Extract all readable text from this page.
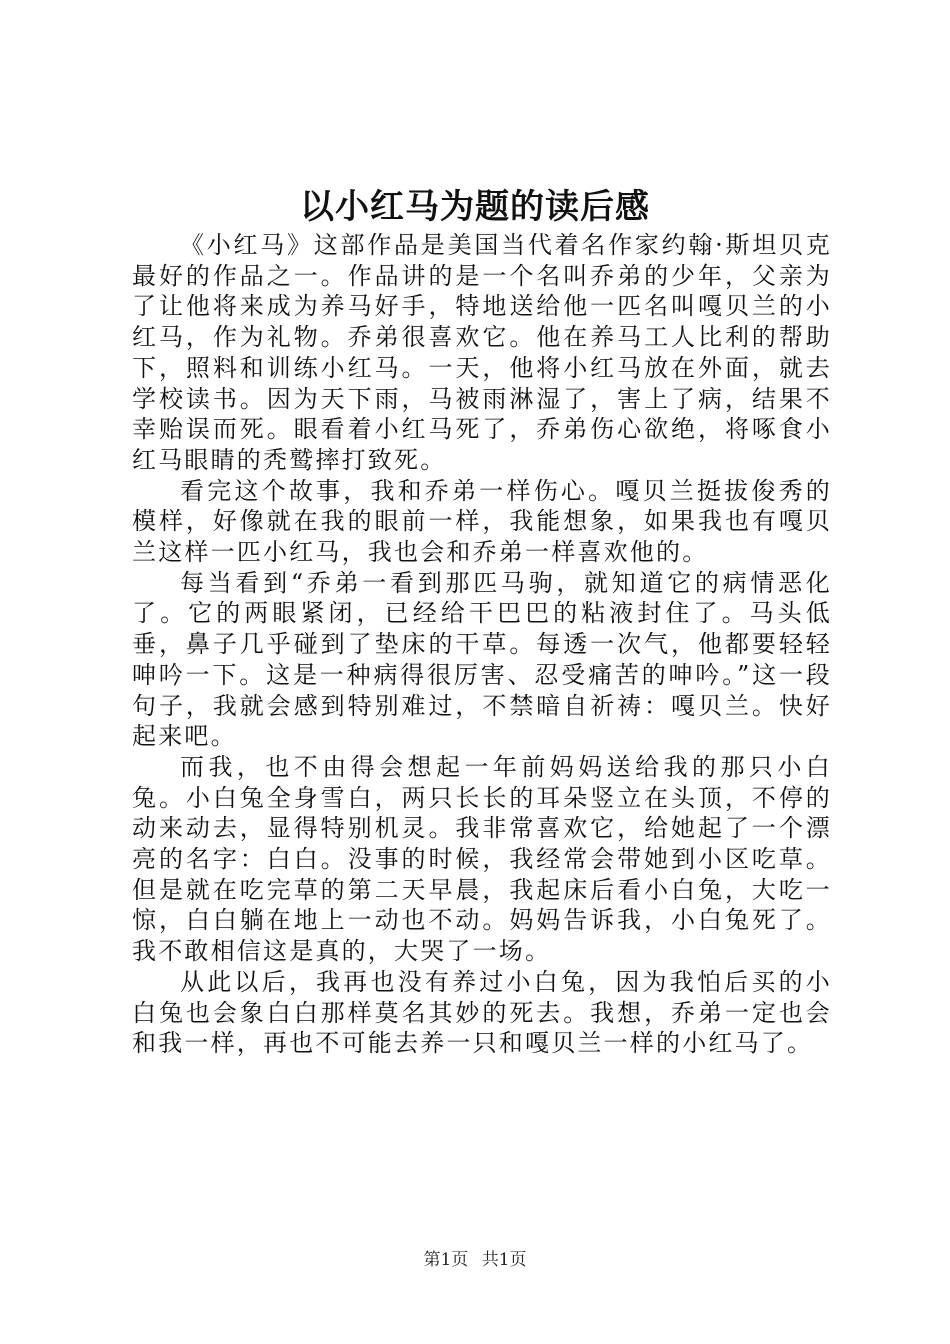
以小红马为题的读后感

《小红马》这部作品是美国当代着名作家约翰·斯坦贝克最好的作品之一。作品讲的是一个名叫乔弟的少年，父亲为了让他将来成为养马好手，特地送给他一匹名叫嘎贝兰的小红马，作为礼物。乔弟很喜欢它。他在养马工人比利的帮助下，照料和训练小红马。一天，他将小红马放在外面，就去学校读书。因为天下雨，马被雨淋湿了，害上了病，结果不幸贻误而死。眼看着小红马死了，乔弟伤心欲绝，将啄食小红马眼睛的秃鹫摔打致死。

看完这个故事，我和乔弟一样伤心。嘎贝兰挺拔俊秀的模样，好像就在我的眼前一样，我能想象，如果我也有嘎贝兰这样一匹小红马，我也会和乔弟一样喜欢他的。

每当看到“乔弟一看到那匹马驹，就知道它的病情恶化了。它的两眼紧闭，已经给干巴巴的粘液封住了。马头低垂，鼻子几乎碰到了垫床的干草。每透一次气，他都要轻轻呻吟一下。这是一种病得很厉害、忍受痛苦的呻吟。”这一段句子，我就会感到特别难过，不禁暗自祈祷：嘎贝兰。快好起来吧。

而我，也不由得会想起一年前妈妈送给我的那只小白兔。小白兔全身雪白，两只长长的耳朵竖立在头顶，不停的动来动去，显得特别机灵。我非常喜欢它，给她起了一个漂亮的名字：白白。没事的时候，我经常会带她到小区吃草。但是就在吃完草的第二天早晨，我起床后看小白兔，大吃一惊，白白躺在地上一动也不动。妈妈告诉我，小白兔死了。我不敢相信这是真的，大哭了一场。

从此以后，我再也没有养过小白兔，因为我怕后买的小白兔也会象白白那样莫名其妙的死去。我想，乔弟一定也会和我一样，再也不可能去养一只和嘎贝兰一样的小红马了。

第1页 共1页
